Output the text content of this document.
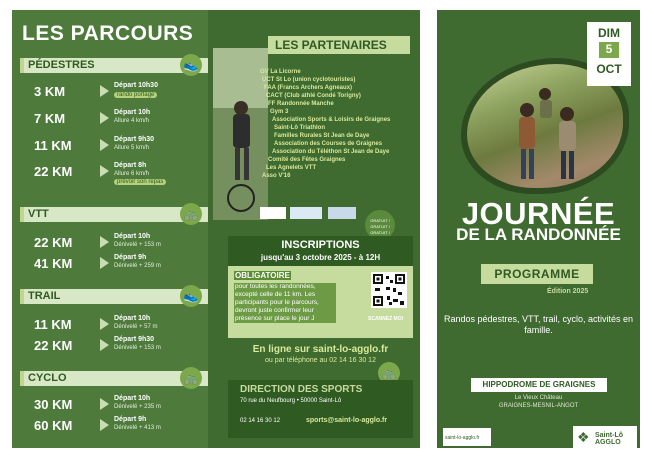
LES PARCOURS
PÉDESTRES	👟
3 KM	Départ 10h30
rando portage
7 KM	Départ 10h
Allure 4 km/h
11 KM	Départ 9h30
Allure 5 km/h
22 KM	Départ 8h
Allure 6 km/h
prévoir son repas
VTT	🚲
22 KM	Départ 10h
Dénivelé + 153 m
41 KM	Départ 9h
Dénivelé + 259 m
TRAIL	👟
11 KM	Départ 10h
Dénivelé + 57 m
22 KM	Départ 9h30
Dénivelé + 153 m
CYCLO	🚲
30 KM	Départ 10h
Dénivelé + 235 m
60 KM	Départ 9h
Dénivelé + 413 m
LES PARTENAIRES
GV La Licorne
UCT St Lo (union cyclotouristes)
FAA (Francs Archers Agneaux)
CACT (Club athlé Condé Torigny)
FF Randonnée Manche
Gym 3
Association Sports & Loisirs de Graignes
Saint-Lô Triathlon
Familles Rurales St Jean de Daye
Association des Courses de Graignes
Association du Téléthon St Jean de Daye
Comité des Fêtes Graignes
Les Agnelets VTT
Asso V'16
GRATUIT ! GRATUIT ! GRATUIT !
INSCRIPTIONS
jusqu'au 3 octobre 2025 - à 12H
OBLIGATOIRE
pour toutes les randonnées, excepté celle de 11 km. Les participants pour le parcours, devront juste confirmer leur présence sur place le jour J	SCANNEZ MOI
En ligne sur saint-lo-agglo.fr
ou par téléphone au 02 14 16 30 12
🚲
DIRECTION DES SPORTS
70 rue du Neufbourg • 50000 Saint-Lô
02 14 16 30 12	sports@saint-lo-agglo.fr
DIM
5
OCT
JOURNÉE
DE LA RANDONNÉE
PROGRAMME
Édition 2025
Randos pédestres, VTT, trail, cyclo, activités en famille.
HIPPODROME DE GRAIGNES
Le Vieux Château
GRAIGNES-MESNIL-ANGOT
saint-lo-agglo.fr	❖ Saint-Lô AGGLO
